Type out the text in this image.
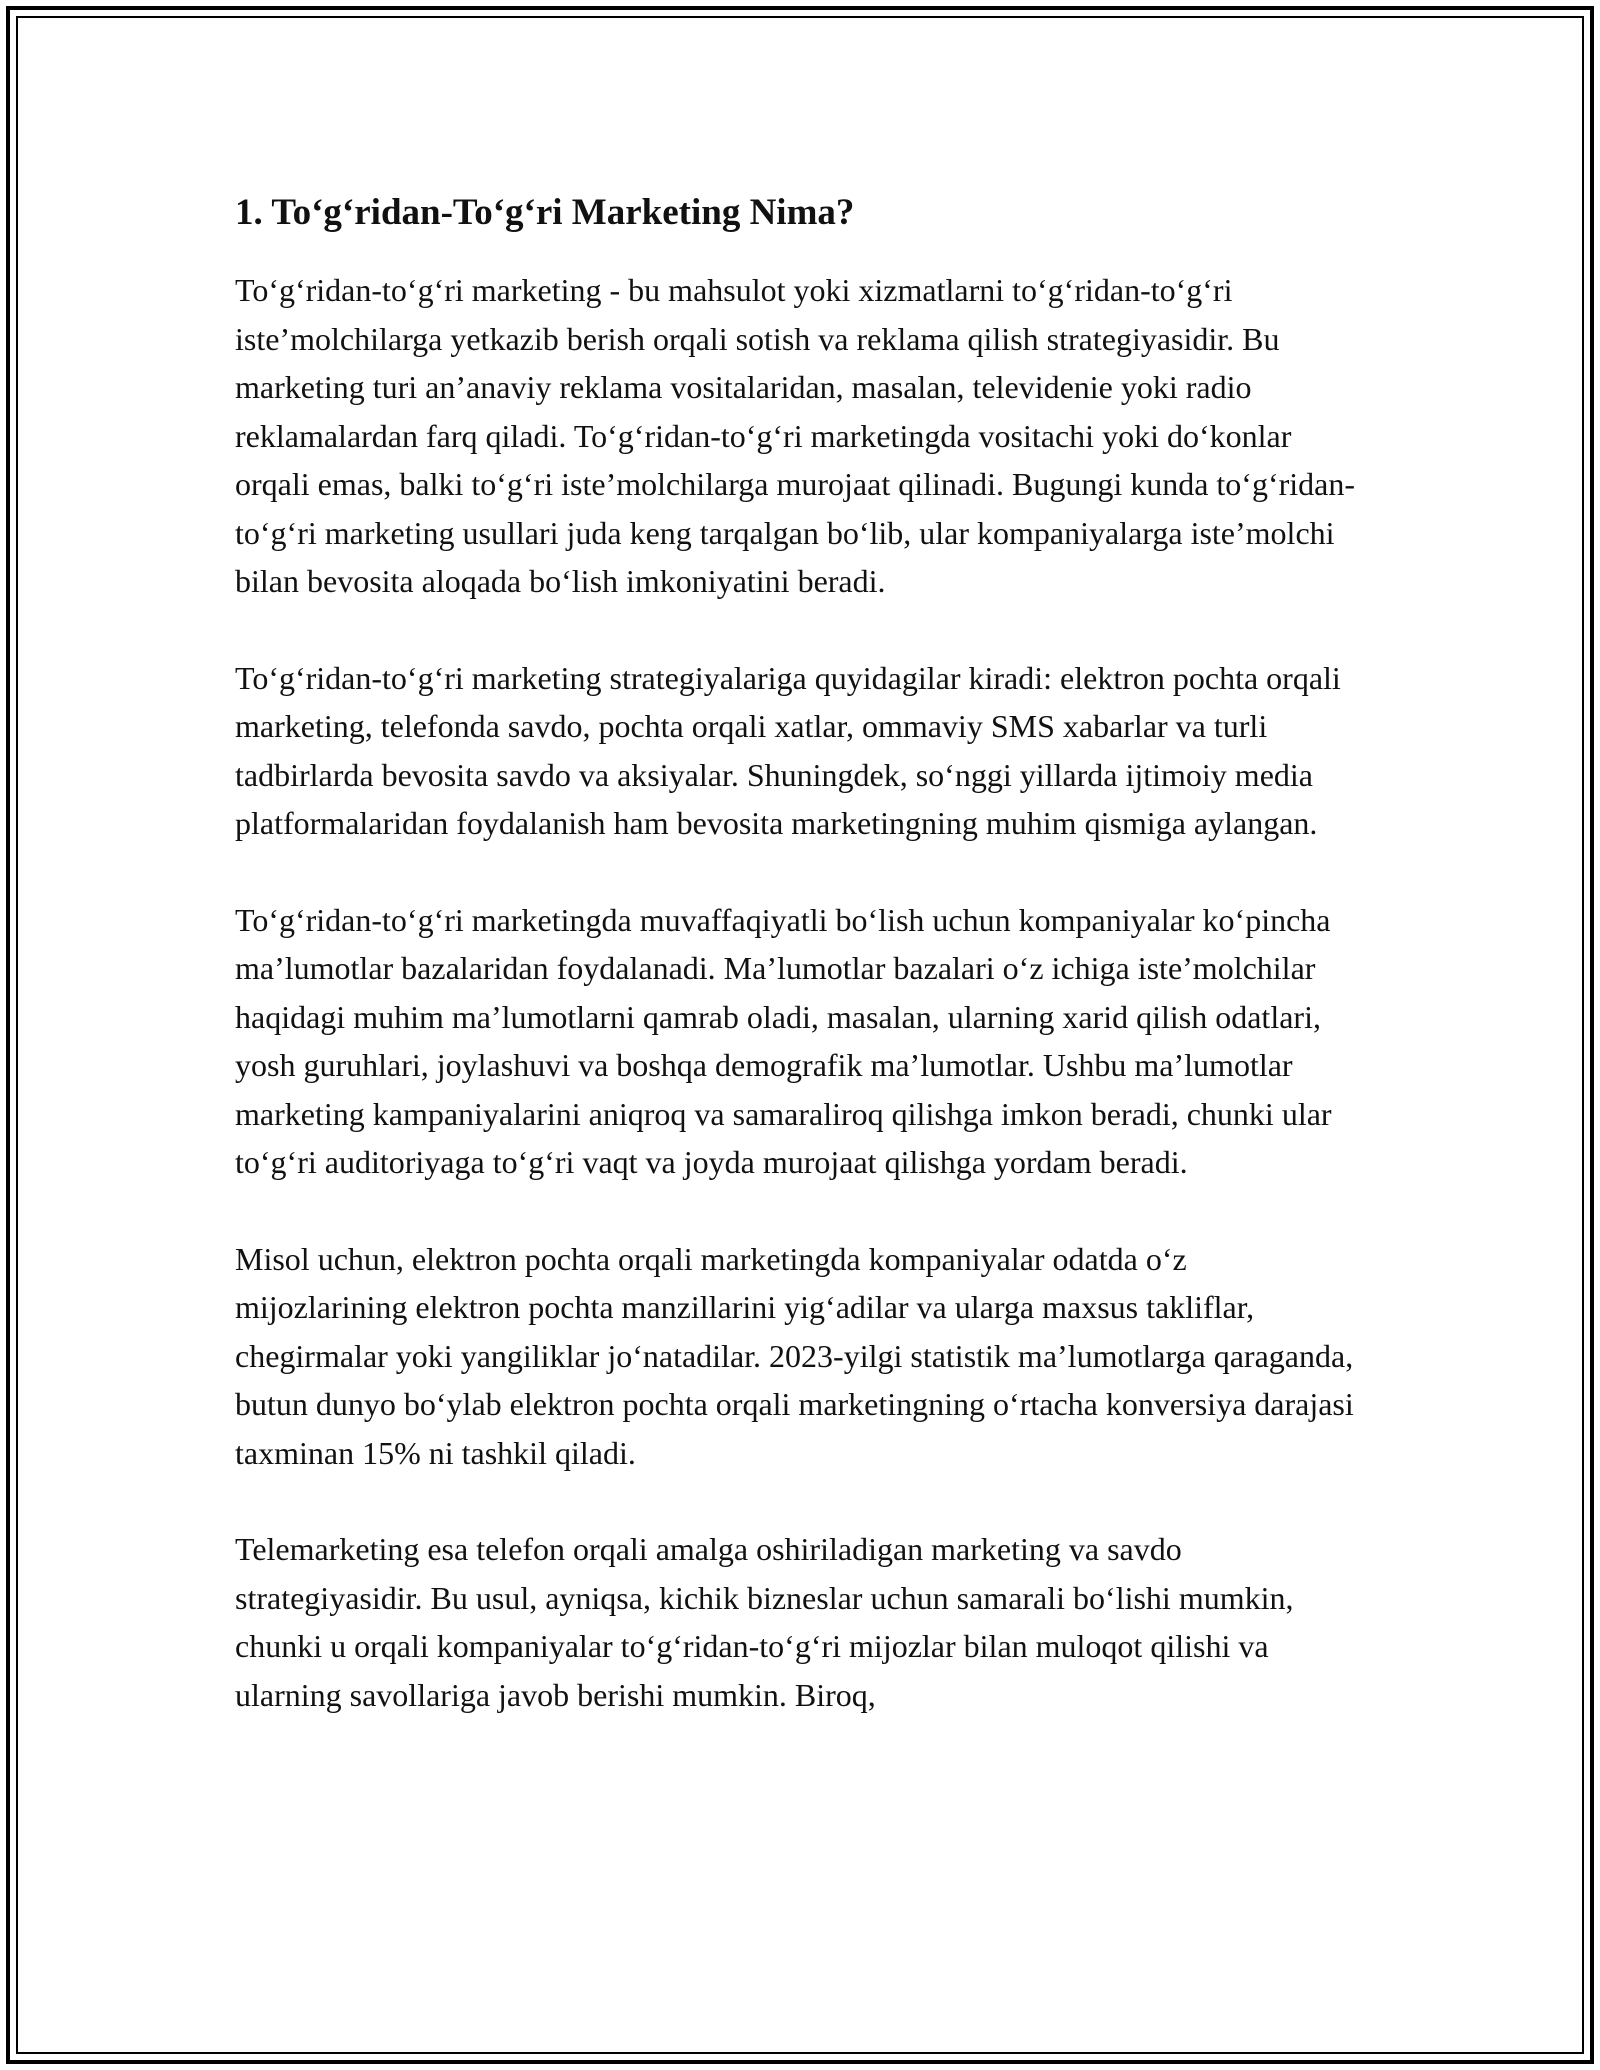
1. To‘g‘ridan-To‘g‘ri Marketing Nima?

To‘g‘ridan-to‘g‘ri marketing - bu mahsulot yoki xizmatlarni to‘g‘ridan-to‘g‘ri iste’molchilarga yetkazib berish orqali sotish va reklama qilish strategiyasidir. Bu marketing turi an’anaviy reklama vositalaridan, masalan, televidenie yoki radio reklamalardan farq qiladi. To‘g‘ridan-to‘g‘ri marketingda vositachi yoki do‘konlar orqali emas, balki to‘g‘ri iste’molchilarga murojaat qilinadi. Bugungi kunda to‘g‘ridan-to‘g‘ri marketing usullari juda keng tarqalgan bo‘lib, ular kompaniyalarga iste’molchi bilan bevosita aloqada bo‘lish imkoniyatini beradi.

To‘g‘ridan-to‘g‘ri marketing strategiyalariga quyidagilar kiradi: elektron pochta orqali marketing, telefonda savdo, pochta orqali xatlar, ommaviy SMS xabarlar va turli tadbirlarda bevosita savdo va aksiyalar. Shuningdek, so‘nggi yillarda ijtimoiy media platformalaridan foydalanish ham bevosita marketingning muhim qismiga aylangan.

To‘g‘ridan-to‘g‘ri marketingda muvaffaqiyatli bo‘lish uchun kompaniyalar ko‘pincha ma’lumotlar bazalaridan foydalanadi. Ma’lumotlar bazalari o‘z ichiga iste’molchilar haqidagi muhim ma’lumotlarni qamrab oladi, masalan, ularning xarid qilish odatlari, yosh guruhlari, joylashuvi va boshqa demografik ma’lumotlar. Ushbu ma’lumotlar marketing kampaniyalarini aniqroq va samaraliroq qilishga imkon beradi, chunki ular to‘g‘ri auditoriyaga to‘g‘ri vaqt va joyda murojaat qilishga yordam beradi.

Misol uchun, elektron pochta orqali marketingda kompaniyalar odatda o‘z mijozlarining elektron pochta manzillarini yig‘adilar va ularga maxsus takliflar, chegirmalar yoki yangiliklar jo‘natadilar. 2023-yilgi statistik ma’lumotlarga qaraganda, butun dunyo bo‘ylab elektron pochta orqali marketingning o‘rtacha konversiya darajasi taxminan 15% ni tashkil qiladi.

Telemarketing esa telefon orqali amalga oshiriladigan marketing va savdo strategiyasidir. Bu usul, ayniqsa, kichik bizneslar uchun samarali bo‘lishi mumkin, chunki u orqali kompaniyalar to‘g‘ridan-to‘g‘ri mijozlar bilan muloqot qilishi va ularning savollariga javob berishi mumkin. Biroq,
